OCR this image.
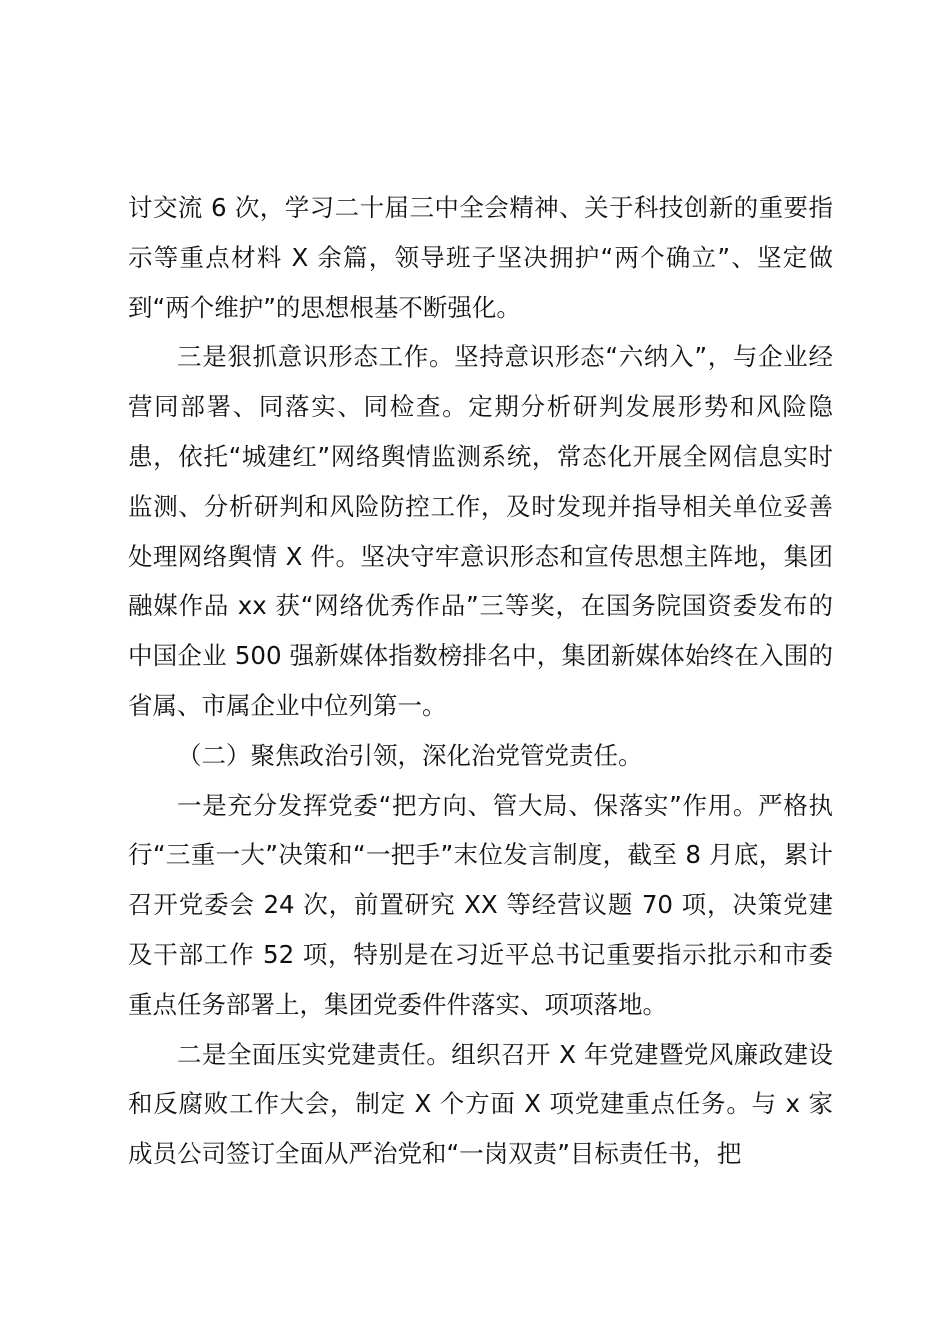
讨交流 6 次，学习二十届三中全会精神、关于科技创新的重要指示等重点材料 X 余篇，领导班子坚决拥护“两个确立”、坚定做到“两个维护”的思想根基不断强化。

三是狠抓意识形态工作。坚持意识形态“六纳入”，与企业经营同部署、同落实、同检查。定期分析研判发展形势和风险隐患，依托“城建红”网络舆情监测系统，常态化开展全网信息实时监测、分析研判和风险防控工作，及时发现并指导相关单位妥善处理网络舆情 X 件。坚决守牢意识形态和宣传思想主阵地，集团融媒作品 xx 获“网络优秀作品”三等奖，在国务院国资委发布的中国企业 500 强新媒体指数榜排名中，集团新媒体始终在入围的省属、市属企业中位列第一。

（二）聚焦政治引领，深化治党管党责任。

一是充分发挥党委“把方向、管大局、保落实”作用。严格执行“三重一大”决策和“一把手”末位发言制度，截至 8 月底，累计召开党委会 24 次，前置研究 XX 等经营议题 70 项，决策党建及干部工作 52 项，特别是在习近平总书记重要指示批示和市委重点任务部署上，集团党委件件落实、项项落地。

二是全面压实党建责任。组织召开 X 年党建暨党风廉政建设和反腐败工作大会，制定 X 个方面 X 项党建重点任务。与 x 家成员公司签订全面从严治党和“一岗双责”目标责任书，把
